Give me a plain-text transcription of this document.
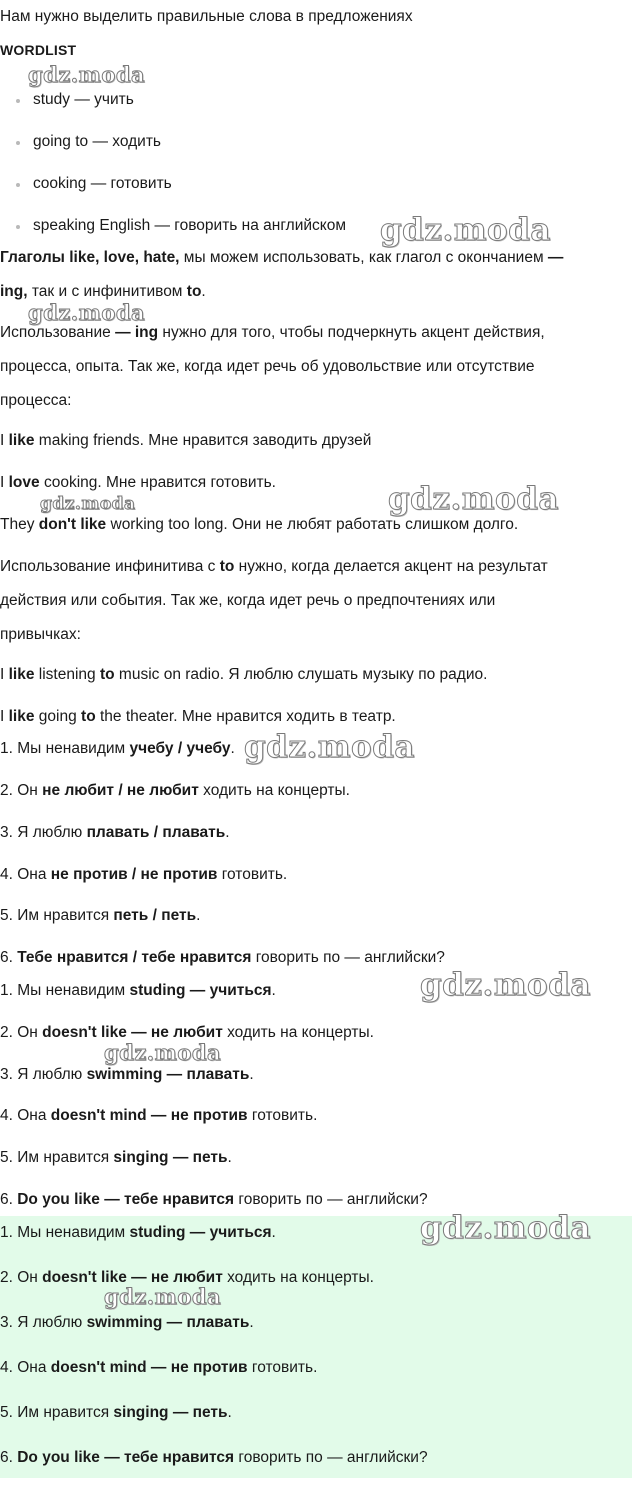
Нам нужно выделить правильные слова в предложениях
WORDLIST
study — учить
going to — ходить
cooking — готовить
speaking English — говорить на английском
Глаголы like, love, hate, мы можем использовать, как глагол с окончанием —
ing, так и с инфинитивом to.
Использование — ing нужно для того, чтобы подчеркнуть акцент действия,
процесса, опыта. Так же, когда идет речь об удовольствие или отсутствие
процесса:
I like making friends. Мне нравится заводить друзей
I love cooking. Мне нравится готовить.
They don't like working too long. Они не любят работать слишком долго.
Использование инфинитива с to нужно, когда делается акцент на результат
действия или события. Так же, когда идет речь о предпочтениях или
привычках:
I like listening to music on radio. Я люблю слушать музыку по радио.
I like going to the theater. Мне нравится ходить в театр.
1. Мы ненавидим учебу / учебу.
2. Он не любит / не любит ходить на концерты.
3. Я люблю плавать / плавать.
4. Она не против / не против готовить.
5. Им нравится петь / петь.
6. Тебе нравится / тебе нравится говорить по — английски?
1. Мы ненавидим studing — учиться.
2. Он doesn't like — не любит ходить на концерты.
3. Я люблю swimming — плавать.
4. Она doesn't mind — не против готовить.
5. Им нравится singing — петь.
6. Do you like — тебе нравится говорить по — английски?
1. Мы ненавидим studing — учиться.
2. Он doesn't like — не любит ходить на концерты.
3. Я люблю swimming — плавать.
4. Она doesn't mind — не против готовить.
5. Им нравится singing — петь.
6. Do you like — тебе нравится говорить по — английски?
gdz.moda
gdz.moda
gdz.moda
gdz.moda	gdz.moda
gdz.moda
gdz.moda
gdz.moda
gdz.moda
gdz.moda
